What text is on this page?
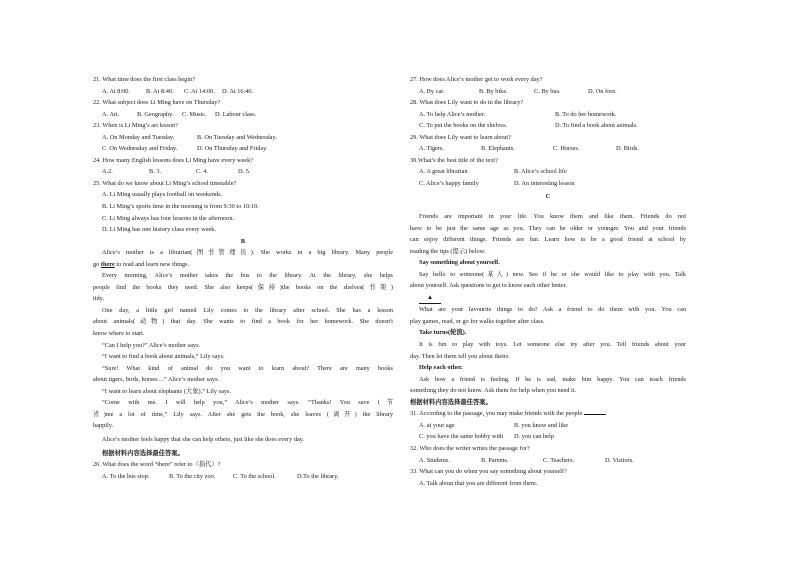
21. What time does the first class begin?
A. At 8:00.	B. At 8:40. C. At 14:00. D. At 16:40.
22. What subject does Li Ming have on Thursday?
A. Art.	B. Geography. C. Music. D. Labour class.
23. When is Li Ming’s art lesson?
A. On Monday and Tuesday.	B. On Tuesday and Wednesday.
C. On Wednesday and Friday.	D. On Thursday and Friday.
24. How many English lessons does Li Ming have every week?
A.2.	B. 3.	C. 4.	D. 5.
25. What do we know about Li Ming’s school timetable?
A. Li Ming usually plays football on weekends.
B. Li Ming’s sports time in the morning is from 9:30 to 10:10.
C. Li Ming always has four lessons in the afternoon.
D. Li Ming has one history class every week.
B
Alice’s mother is a librarian(图书管理员). She works in a big library. Many people
go there to read and learn new things.
Every morning, Alice’s mother takes the bus to the library. At the library, she helps
people find the books they need. She also keeps(保持)the books on the shelves(书架)
tidy.
One day, a little girl named Lily comes to the library after school. She has a lesson
about animals(动物) that day. She wants to find a book for her homework. She doesn't
know where to start.
“Can I help you?” Alice’s mother says.
“I want to find a book about animals,” Lily says.
“Sure! What kind of animal do you want to learn about? There are many books
about tigers, birds, horses ...” Alice’s mother says.
“I want to learn about elephants (大象),” Lily says.
“Come with me. I will help you,” Alice’s mother says. “Thanks! You save (节
省)me a lot of time,” Lily says. After she gets the book, she leaves (离开) the library
happily.
Alice’s mother feels happy that she can help others, just like she does every day.
根据材料内容选择最佳答案。
26. What does the word “there” refer to（指代）?
A. To the bus stop.	B. To the city zoo.	C. To the school.	D.To the library.
27. How does Alice’s mother get to work every day?
A. By car.	B. By bike.	C. By bus.	D. On foot.
28. What does Lily want to do in the library?
A. To help Alice’s mother.	B. To do her homework.
C. To put the books on the shelves.	D. To find a book about animals.
29. What does Lily want to learn about?
A. Tigers.	B. Elephants.	C. Horses.	D. Birds.
30.What’s the best title of the text?
A. A great librarian	B. Alice’s school life
C. Alice’s happy family	D. An interesting lesson
C
Friends are important in your life. You know them and like them. Friends do not
have to be just the same age as you. They can be older or younger. You and your friends
can enjoy different things. Friends are fun. Learn how to be a good friend at school by
reading the tips (提示) below.
Say something about yourself.
Say hello to someone(某人) new. See if he or she would like to play with you. Talk
about yourself. Ask questions to get to know each other better.
▲
What are your favourite things to do? Ask a friend to do them with you. You can
play games, read, or go for walks together after class.
Take turns(轮流).
It is fun to play with toys. Let someone else try after you. Tell friends about your
day. Then let them tell you about theirs.
Help each other.
Ask how a friend is feeling. If he is sad, make him happy. You can teach friends
something they do not know. Ask them for help when you need it.
根据材料内容选择最佳答案。
31. According to the passage, you may make friends with the people
A. at your age	B. you know and like
C. you have the same hobby with D. you can help
32. Who does the writer writes the passage for?
A. Students.	B. Parents.	C. Teachers.	D. Visitors.
33. What can you do when you say something about yourself?
A. Talk about that you are different from them.
